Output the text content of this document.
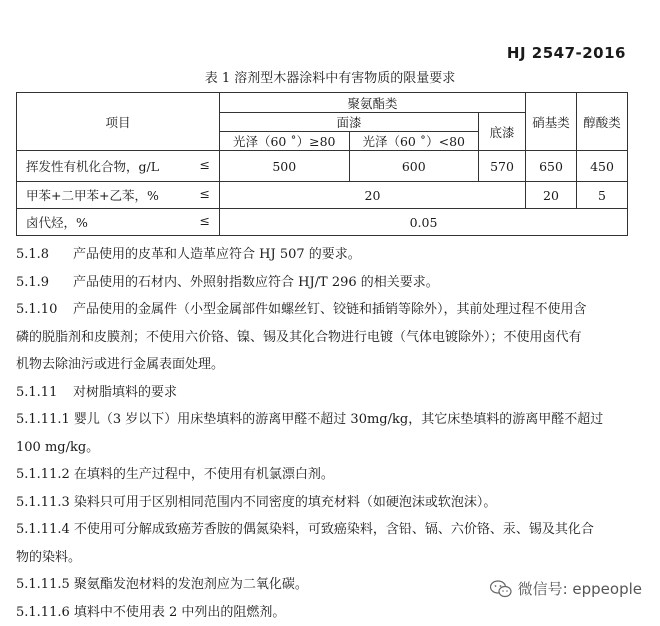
HJ 2547-2016
表 1 溶剂型木器涂料中有害物质的限量要求
项目	聚氨酯类			硝基类	醇酸类
	面漆		底漆		
	光泽（60 ˚）≥80	光泽（60 ˚）<80			

挥发性有机化合物，g/L ≤	500	600	570	650	450

甲苯+二甲苯+乙苯，% ≤	20			20	5

卤代烃，% ≤	0.05				

5.1.8 产品使用的皮革和人造革应符合 HJ 507 的要求。

5.1.9 产品使用的石材内、外照射指数应符合 HJ/T 296 的相关要求。

5.1.10 产品使用的金属件（小型金属部件如螺丝钉、铰链和插销等除外），其前处理过程不使用含

磷的脱脂剂和皮膜剂；不使用六价铬、镍、锡及其化合物进行电镀（气体电镀除外）；不使用卤代有

机物去除油污或进行金属表面处理。

5.1.11 对树脂填料的要求

5.1.11.1 婴儿（3 岁以下）用床垫填料的游离甲醛不超过 30mg/kg，其它床垫填料的游离甲醛不超过

100 mg/kg。

5.1.11.2 在填料的生产过程中，不使用有机氯漂白剂。

5.1.11.3 染料只可用于区别相同范围内不同密度的填充材料（如硬泡沫或软泡沫）。

5.1.11.4 不使用可分解成致癌芳香胺的偶氮染料，可致癌染料，含铅、镉、六价铬、汞、锡及其化合

物的染料。

5.1.11.5 聚氨酯发泡材料的发泡剂应为二氧化碳。

5.1.11.6 填料中不使用表 2 中列出的阻燃剂。

微信号: eppeople
